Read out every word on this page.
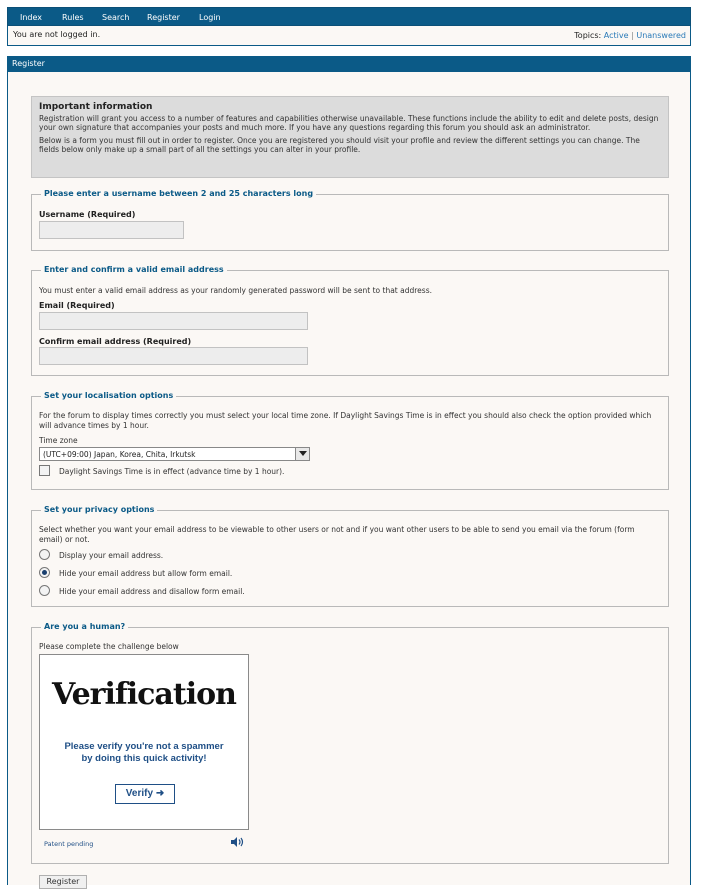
Index Rules Search Register Login
You are not logged in.	Topics: Active | Unanswered
Register
Important information

Registration will grant you access to a number of features and capabilities otherwise unavailable. These functions include the ability to edit and delete posts, design your own signature that accompanies your posts and much more. If you have any questions regarding this forum you should ask an administrator.

Below is a form you must fill out in order to register. Once you are registered you should visit your profile and review the different settings you can change. The fields below only make up a small part of all the settings you can alter in your profile.

Please enter a username between 2 and 25 characters long
Username (Required)
Enter and confirm a valid email address
You must enter a valid email address as your randomly generated password will be sent to that address.
Email (Required)
Confirm email address (Required)
Set your localisation options
For the forum to display times correctly you must select your local time zone. If Daylight Savings Time is in effect you should also check the option provided which will advance times by 1 hour.
Time zone
(UTC+09:00) Japan, Korea, Chita, Irkutsk
Daylight Savings Time is in effect (advance time by 1 hour).
Set your privacy options
Select whether you want your email address to be viewable to other users or not and if you want other users to be able to send you email via the forum (form email) or not.
Display your email address.
Hide your email address but allow form email.
Hide your email address and disallow form email.
Are you a human?
Please complete the challenge below
Verification
Please verify you're not a spammer
by doing this quick activity!
Verify ➜
Patent pending
Register
